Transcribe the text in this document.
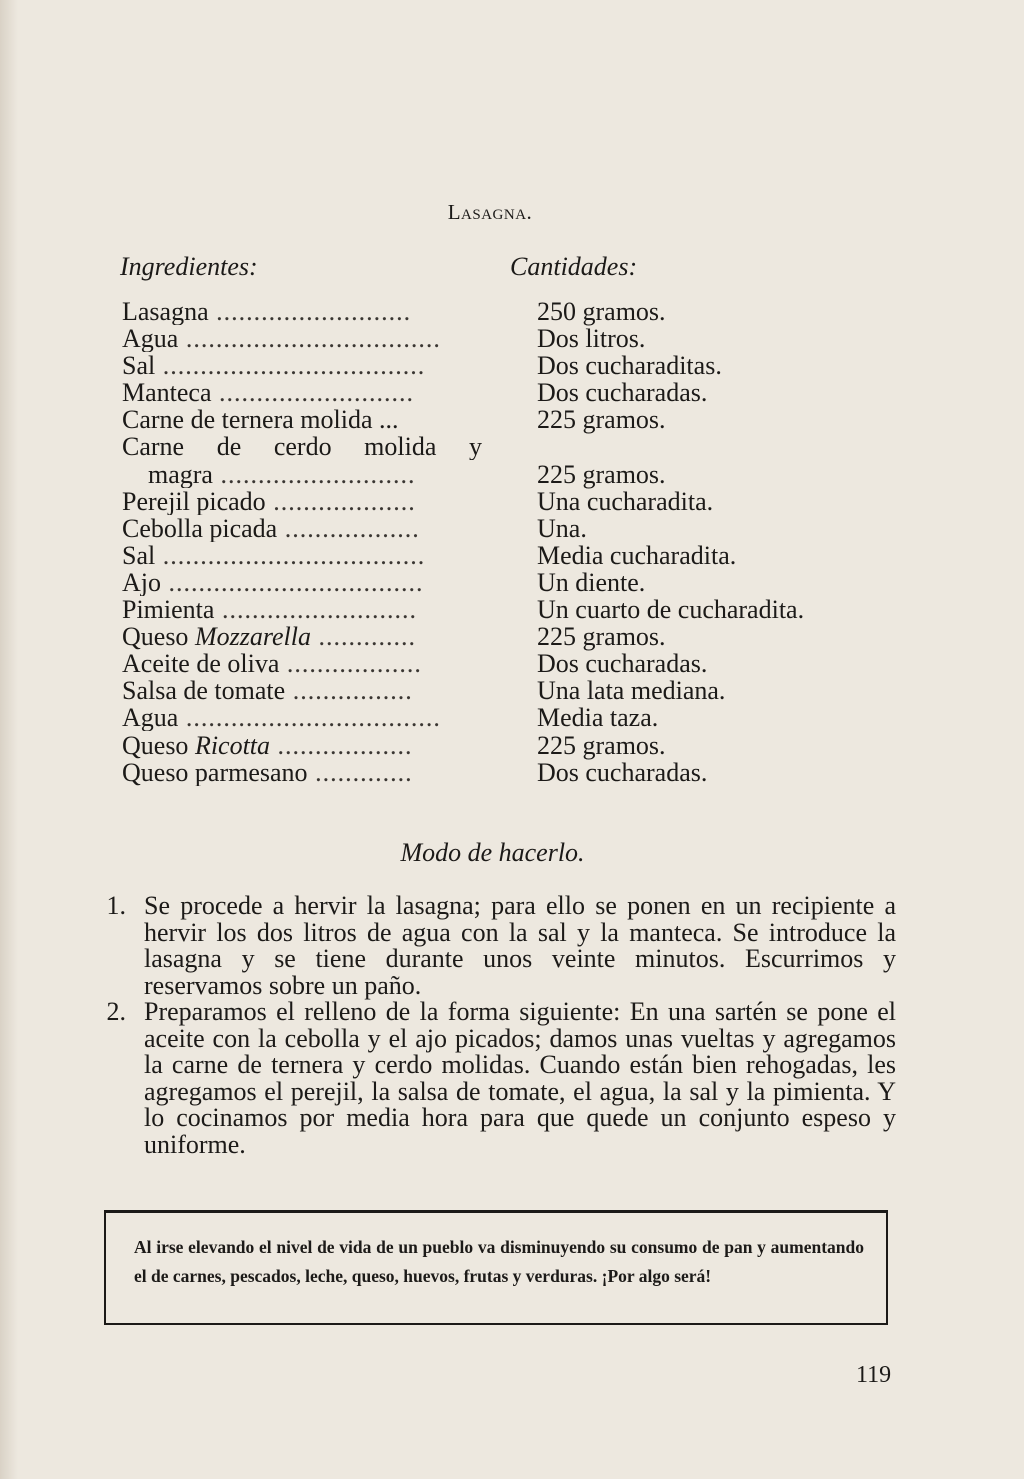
Lasagna.
Ingredientes:	Cantidades:
Lasagna ..........................	250 gramos.
Agua ..................................	Dos litros.
Sal ...................................	Dos cucharaditas.
Manteca ..........................	Dos cucharadas.
Carne de ternera molida ...	225 gramos.
Carne de cerdo molida y
magra ..........................	225 gramos.
Perejil picado ...................	Una cucharadita.
Cebolla picada ..................	Una.
Sal ...................................	Media cucharadita.
Ajo ..................................	Un diente.
Pimienta ..........................	Un cuarto de cucharadita.
Queso Mozzarella .............	225 gramos.
Aceite de oliva ..................	Dos cucharadas.
Salsa de tomate ................	Una lata mediana.
Agua ..................................	Media taza.
Queso Ricotta ..................	225 gramos.
Queso parmesano .............	Dos cucharadas.
Modo de hacerlo.
1. Se procede a hervir la lasagna; para ello se ponen en un recipiente a hervir los dos litros de agua con la sal y la manteca. Se introduce la lasagna y se tiene durante unos veinte minutos. Escurrimos y reservamos sobre un paño.
2. Preparamos el relleno de la forma siguiente: En una sartén se pone el aceite con la cebolla y el ajo picados; damos unas vueltas y agregamos la carne de ternera y cerdo molidas. Cuando están bien rehogadas, les agregamos el perejil, la salsa de tomate, el agua, la sal y la pimienta. Y lo cocinamos por media hora para que quede un conjunto espeso y uniforme.

Al irse elevando el nivel de vida de un pueblo va disminuyendo su consumo de pan y aumentando el de carnes, pescados, leche, queso, huevos, frutas y verduras. ¡Por algo será!

119
